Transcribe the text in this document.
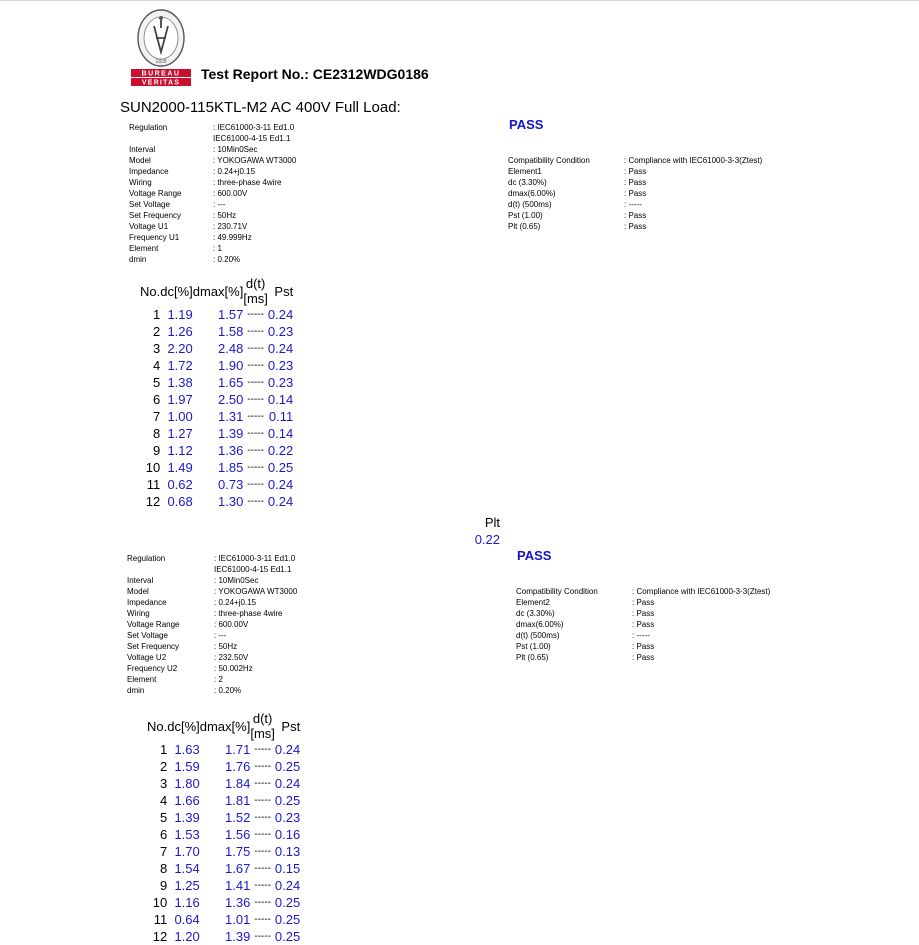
BUREAU
VERITAS
1828
Test Report No.: CE2312WDG0186
SUN2000-115KTL-M2 AC 400V Full Load:
Regulation	: IEC61000-3-11 Ed1.0
IEC61000-4-15 Ed1.1
Interval	: 10Min0Sec
Model	: YOKOGAWA WT3000
Impedance	: 0.24+j0.15
Wiring	: three-phase 4wire
Voltage Range	: 600.00V
Set Voltage	: ---
Set Frequency	: 50Hz
Voltage U1	: 230.71V
Frequency U1	: 49.999Hz
Element	: 1
dmin	: 0.20%
PASS
Compatibility Condition	: Compliance with IEC61000-3-3(Ztest)
Element1	: Pass
dc (3.30%)	: Pass
dmax(6.00%)	: Pass
d(t) (500ms)	: -----
Pst (1.00)	: Pass
Plt (0.65)	: Pass
No.	dc[%]	dmax[%]	d(t)[ms]	Pst
1	1.19	1.57	-----	0.24
2	1.26	1.58	-----	0.23
3	2.20	2.48	-----	0.24
4	1.72	1.90	-----	0.23
5	1.38	1.65	-----	0.23
6	1.97	2.50	-----	0.14
7	1.00	1.31	-----	0.11
8	1.27	1.39	-----	0.14
9	1.12	1.36	-----	0.22
10	1.49	1.85	-----	0.25
11	0.62	0.73	-----	0.24
12	0.68	1.30	-----	0.24
Plt
0.22
Regulation	: IEC61000-3-11 Ed1.0
IEC61000-4-15 Ed1.1
Interval	: 10Min0Sec
Model	: YOKOGAWA WT3000
Impedance	: 0.24+j0.15
Wiring	: three-phase 4wire
Voltage Range	: 600.00V
Set Voltage	: ---
Set Frequency	: 50Hz
Voltage U2	: 232.50V
Frequency U2	: 50.002Hz
Element	: 2
dmin	: 0.20%
PASS
Compatibility Condition	: Compliance with IEC61000-3-3(Ztest)
Element2	: Pass
dc (3.30%)	: Pass
dmax(6.00%)	: Pass
d(t) (500ms)	: -----
Pst (1.00)	: Pass
Plt (0.65)	: Pass
No.	dc[%]	dmax[%]	d(t)[ms]	Pst
1	1.63	1.71	-----	0.24
2	1.59	1.76	-----	0.25
3	1.80	1.84	-----	0.24
4	1.66	1.81	-----	0.25
5	1.39	1.52	-----	0.23
6	1.53	1.56	-----	0.16
7	1.70	1.75	-----	0.13
8	1.54	1.67	-----	0.15
9	1.25	1.41	-----	0.24
10	1.16	1.36	-----	0.25
11	0.64	1.01	-----	0.25
12	1.20	1.39	-----	0.25
